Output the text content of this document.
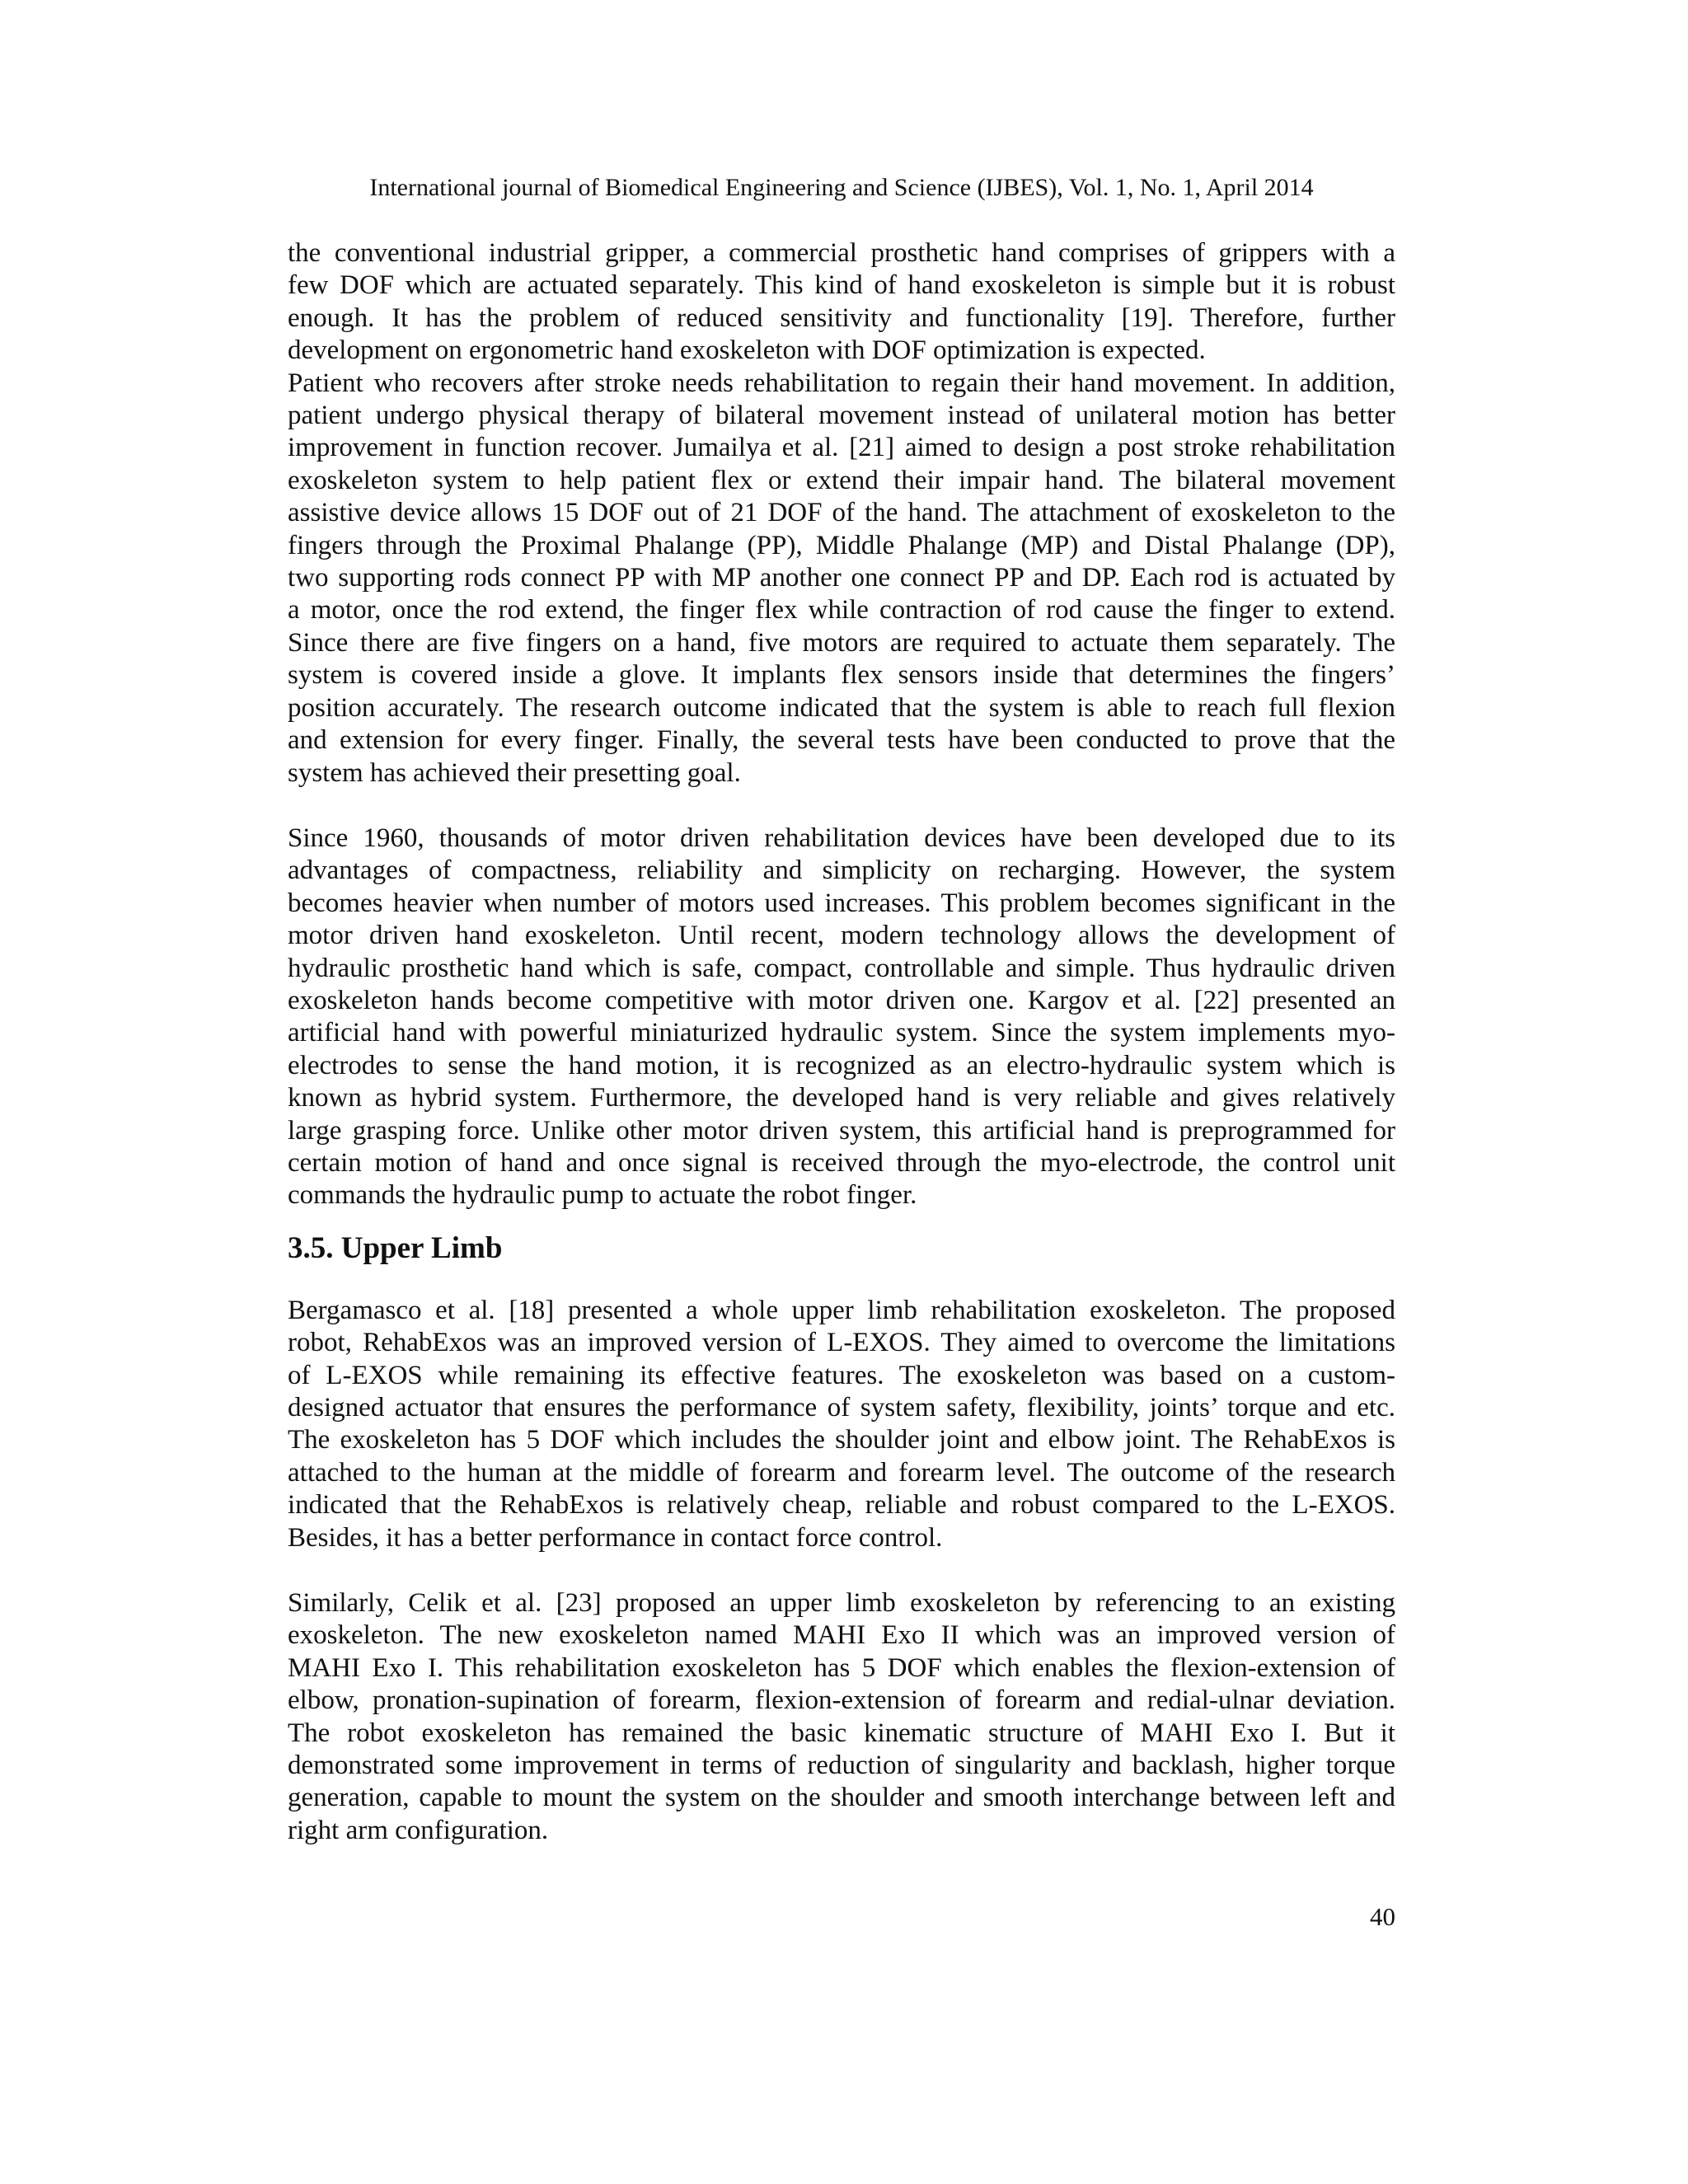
International journal of Biomedical Engineering and Science (IJBES), Vol. 1, No. 1, April 2014
the conventional industrial gripper, a commercial prosthetic hand comprises of grippers with a
few DOF which are actuated separately. This kind of hand exoskeleton is simple but it is robust
enough. It has the problem of reduced sensitivity and functionality [19]. Therefore, further
development on ergonometric hand exoskeleton with DOF optimization is expected.
Patient who recovers after stroke needs rehabilitation to regain their hand movement. In addition,
patient undergo physical therapy of bilateral movement instead of unilateral motion has better
improvement in function recover. Jumailya et al. [21] aimed to design a post stroke rehabilitation
exoskeleton system to help patient flex or extend their impair hand. The bilateral movement
assistive device allows 15 DOF out of 21 DOF of the hand. The attachment of exoskeleton to the
fingers through the Proximal Phalange (PP), Middle Phalange (MP) and Distal Phalange (DP),
two supporting rods connect PP with MP another one connect PP and DP. Each rod is actuated by
a motor, once the rod extend, the finger flex while contraction of rod cause the finger to extend.
Since there are five fingers on a hand, five motors are required to actuate them separately. The
system is covered inside a glove. It implants flex sensors inside that determines the fingers’
position accurately. The research outcome indicated that the system is able to reach full flexion
and extension for every finger. Finally, the several tests have been conducted to prove that the
system has achieved their presetting goal.
Since 1960, thousands of motor driven rehabilitation devices have been developed due to its
advantages of compactness, reliability and simplicity on recharging. However, the system
becomes heavier when number of motors used increases. This problem becomes significant in the
motor driven hand exoskeleton. Until recent, modern technology allows the development of
hydraulic prosthetic hand which is safe, compact, controllable and simple. Thus hydraulic driven
exoskeleton hands become competitive with motor driven one. Kargov et al. [22] presented an
artificial hand with powerful miniaturized hydraulic system. Since the system implements myo-
electrodes to sense the hand motion, it is recognized as an electro-hydraulic system which is
known as hybrid system. Furthermore, the developed hand is very reliable and gives relatively
large grasping force. Unlike other motor driven system, this artificial hand is preprogrammed for
certain motion of hand and once signal is received through the myo-electrode, the control unit
commands the hydraulic pump to actuate the robot finger.
3.5. Upper Limb
Bergamasco et al. [18] presented a whole upper limb rehabilitation exoskeleton. The proposed
robot, RehabExos was an improved version of L-EXOS. They aimed to overcome the limitations
of L-EXOS while remaining its effective features. The exoskeleton was based on a custom-
designed actuator that ensures the performance of system safety, flexibility, joints’ torque and etc.
The exoskeleton has 5 DOF which includes the shoulder joint and elbow joint. The RehabExos is
attached to the human at the middle of forearm and forearm level. The outcome of the research
indicated that the RehabExos is relatively cheap, reliable and robust compared to the L-EXOS.
Besides, it has a better performance in contact force control.
Similarly, Celik et al. [23] proposed an upper limb exoskeleton by referencing to an existing
exoskeleton. The new exoskeleton named MAHI Exo II which was an improved version of
MAHI Exo I. This rehabilitation exoskeleton has 5 DOF which enables the flexion-extension of
elbow, pronation-supination of forearm, flexion-extension of forearm and redial-ulnar deviation.
The robot exoskeleton has remained the basic kinematic structure of MAHI Exo I. But it
demonstrated some improvement in terms of reduction of singularity and backlash, higher torque
generation, capable to mount the system on the shoulder and smooth interchange between left and
right arm configuration.
40
